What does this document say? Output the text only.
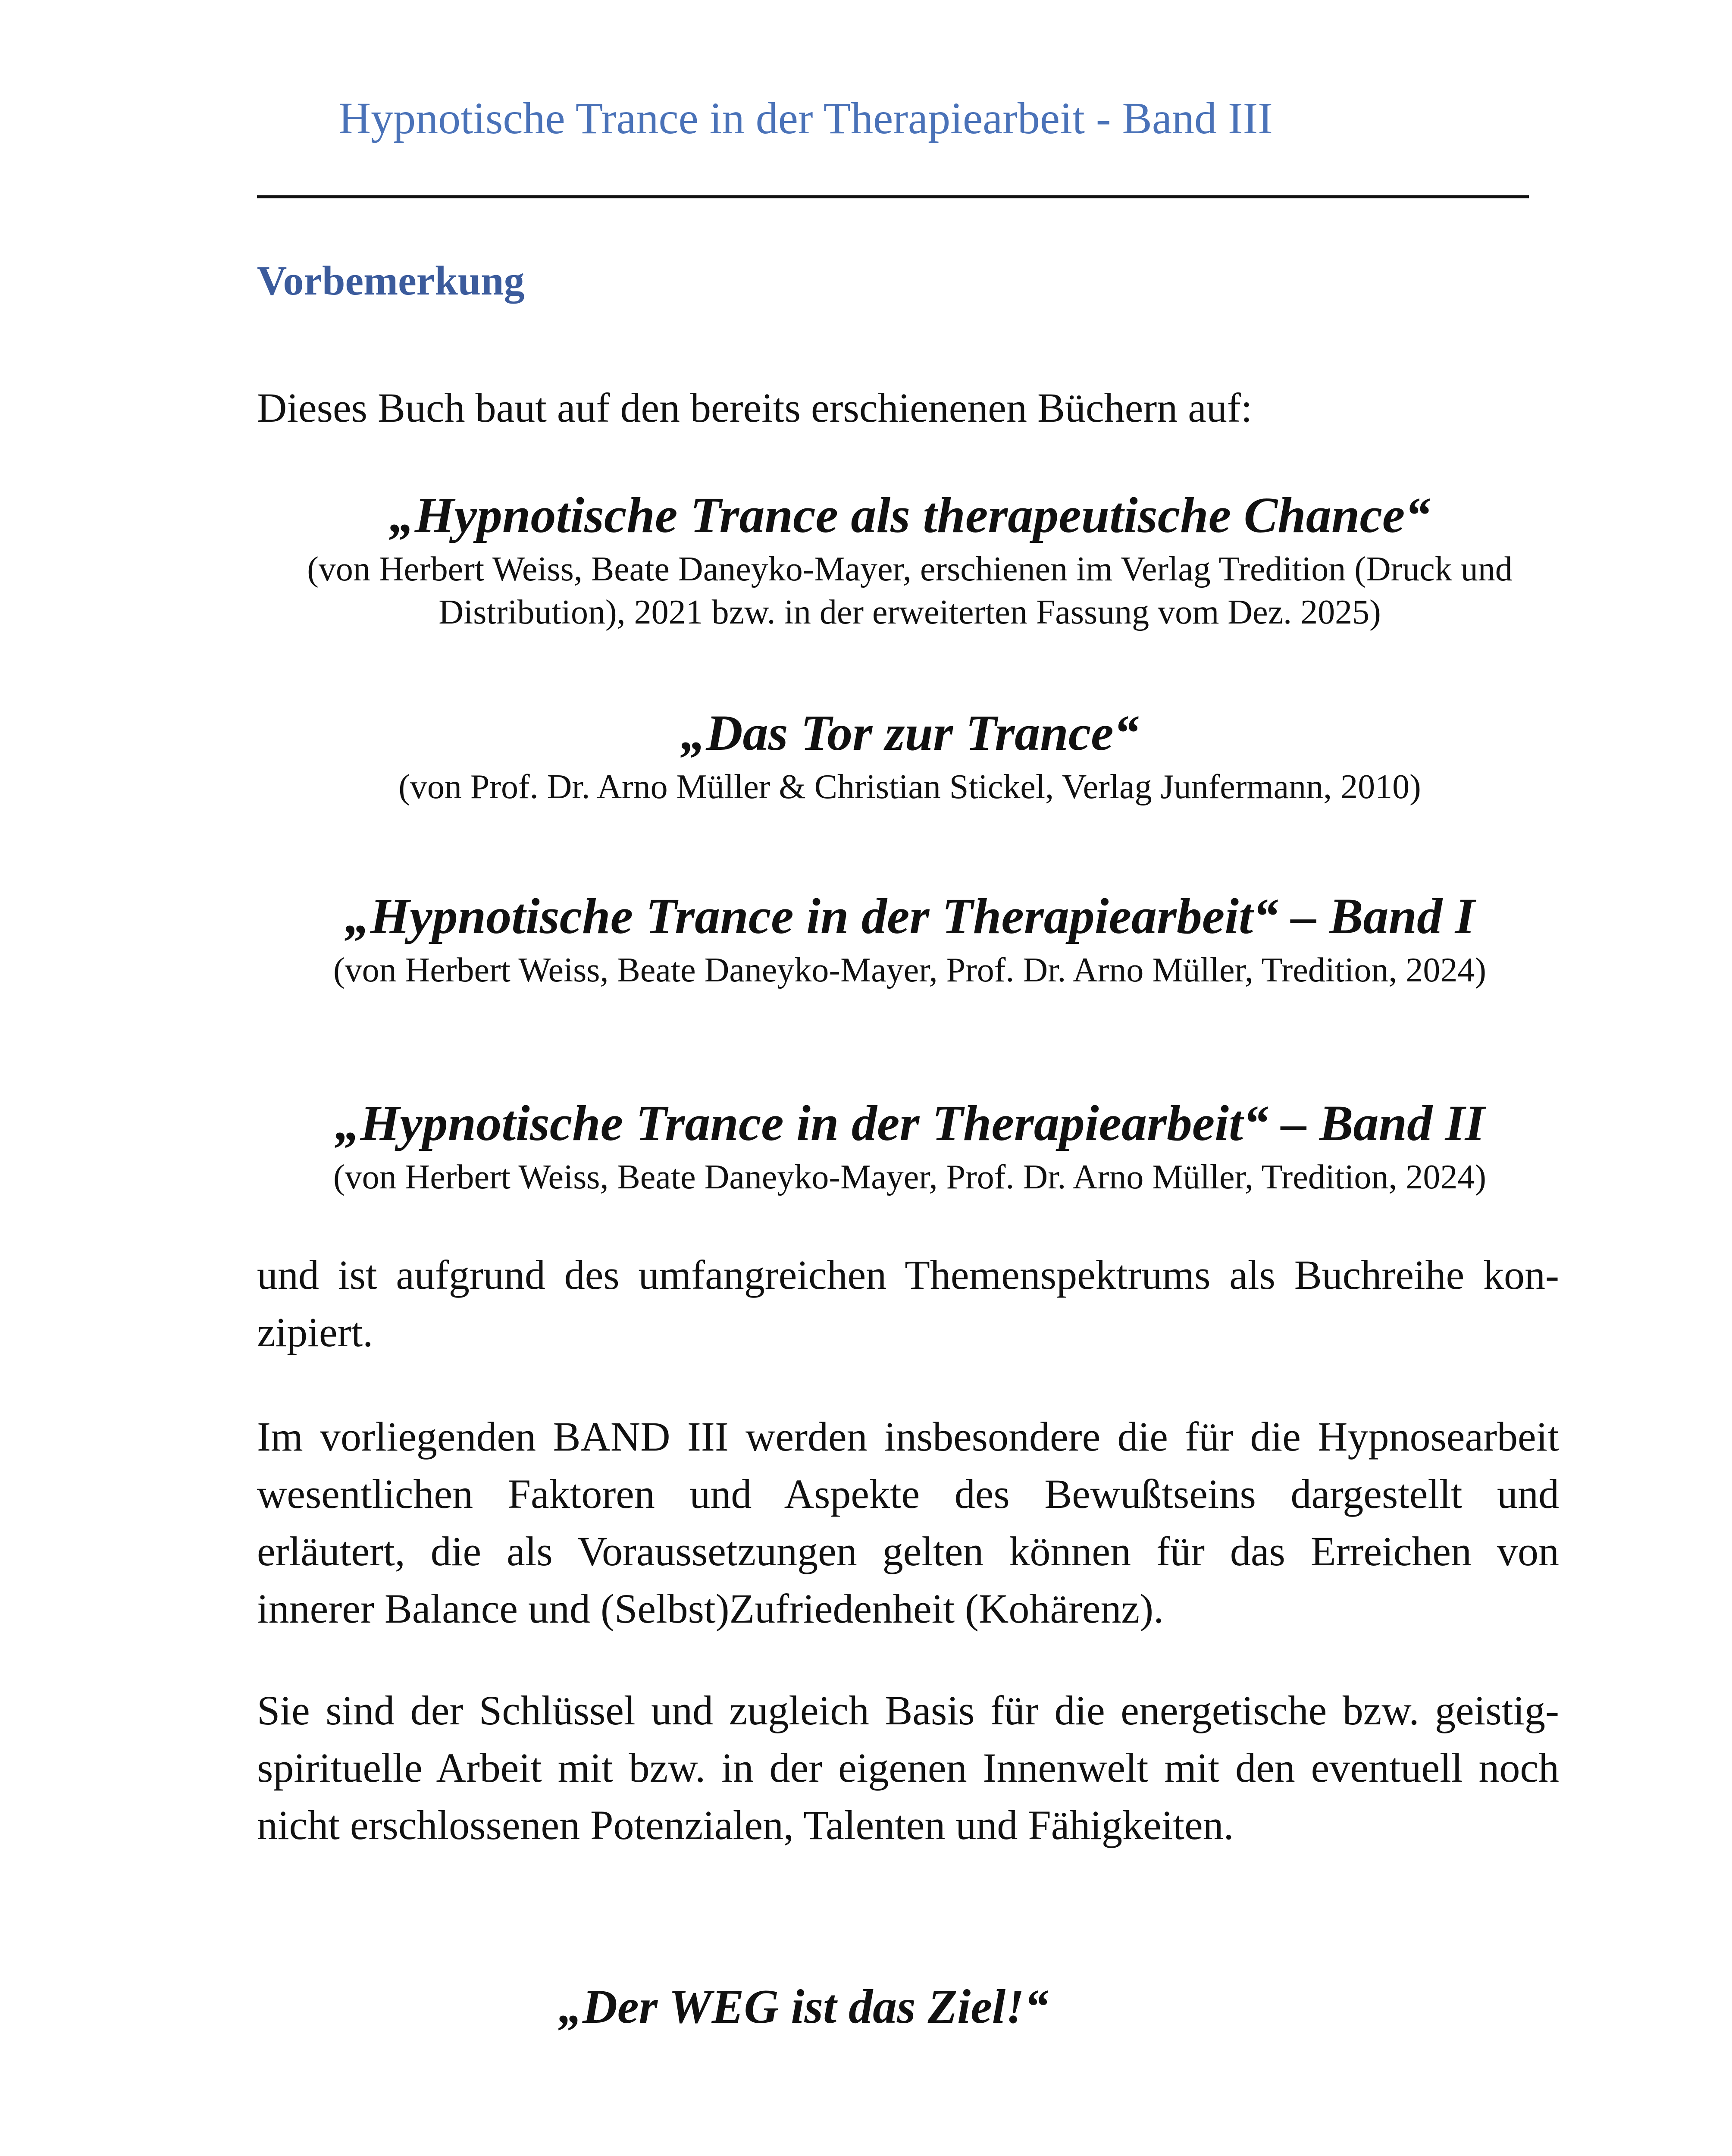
Hypnotische Trance in der Therapiearbeit - Band III
Vorbemerkung
Dieses Buch baut auf den bereits erschienenen Büchern auf:
„Hypnotische Trance als therapeutische Chance“
(von Herbert Weiss, Beate Daneyko-Mayer, erschienen im Verlag Tredition (Druck und
Distribution), 2021 bzw. in der erweiterten Fassung vom Dez. 2025)
„Das Tor zur Trance“
(von Prof. Dr. Arno Müller & Christian Stickel, Verlag Junfermann, 2010)
„Hypnotische Trance in der Therapiearbeit“ – Band I
(von Herbert Weiss, Beate Daneyko-Mayer, Prof. Dr. Arno Müller, Tredition, 2024)
„Hypnotische Trance in der Therapiearbeit“ – Band II
(von Herbert Weiss, Beate Daneyko-Mayer, Prof. Dr. Arno Müller, Tredition, 2024)
und ist aufgrund des umfangreichen Themenspektrums als Buchreihe kon-
zipiert.
Im vorliegenden BAND III werden insbesondere die für die Hypnosearbeit
wesentlichen Faktoren und Aspekte des Bewußtseins dargestellt und
erläutert, die als Voraussetzungen gelten können für das Erreichen von
innerer Balance und (Selbst)Zufriedenheit (Kohärenz).
Sie sind der Schlüssel und zugleich Basis für die energetische bzw. geistig-
spirituelle Arbeit mit bzw. in der eigenen Innenwelt mit den eventuell noch
nicht erschlossenen Potenzialen, Talenten und Fähigkeiten.
„Der WEG ist das Ziel!“
